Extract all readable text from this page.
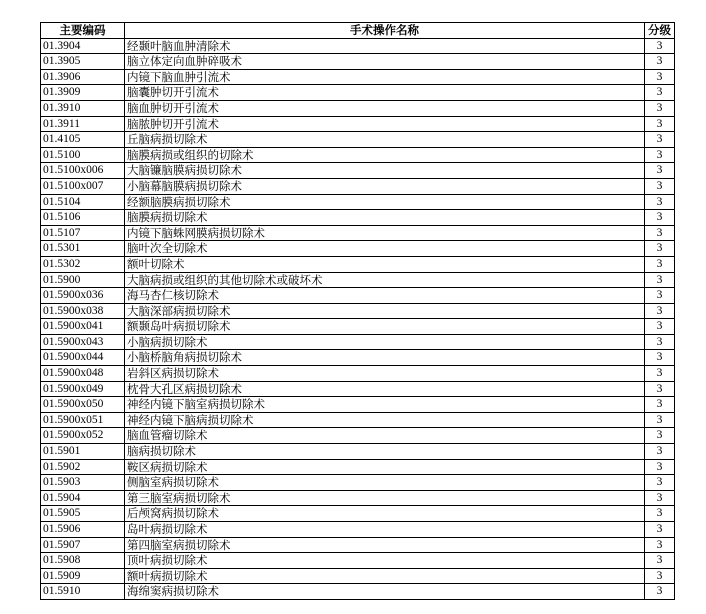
主要编码	手术操作名称	分级
01.3904	经颞叶脑血肿清除术	3
01.3905	脑立体定向血肿碎吸术	3
01.3906	内镜下脑血肿引流术	3
01.3909	脑囊肿切开引流术	3
01.3910	脑血肿切开引流术	3
01.3911	脑脓肿切开引流术	3
01.4105	丘脑病损切除术	3
01.5100	脑膜病损或组织的切除术	3
01.5100x006	大脑镰脑膜病损切除术	3
01.5100x007	小脑幕脑膜病损切除术	3
01.5104	经额脑膜病损切除术	3
01.5106	脑膜病损切除术	3
01.5107	内镜下脑蛛网膜病损切除术	3
01.5301	脑叶次全切除术	3
01.5302	额叶切除术	3
01.5900	大脑病损或组织的其他切除术或破坏术	3
01.5900x036	海马杏仁核切除术	3
01.5900x038	大脑深部病损切除术	3
01.5900x041	额颞岛叶病损切除术	3
01.5900x043	小脑病损切除术	3
01.5900x044	小脑桥脑角病损切除术	3
01.5900x048	岩斜区病损切除术	3
01.5900x049	枕骨大孔区病损切除术	3
01.5900x050	神经内镜下脑室病损切除术	3
01.5900x051	神经内镜下脑病损切除术	3
01.5900x052	脑血管瘤切除术	3
01.5901	脑病损切除术	3
01.5902	鞍区病损切除术	3
01.5903	侧脑室病损切除术	3
01.5904	第三脑室病损切除术	3
01.5905	后颅窝病损切除术	3
01.5906	岛叶病损切除术	3
01.5907	第四脑室病损切除术	3
01.5908	顶叶病损切除术	3
01.5909	额叶病损切除术	3
01.5910	海绵窦病损切除术	3
